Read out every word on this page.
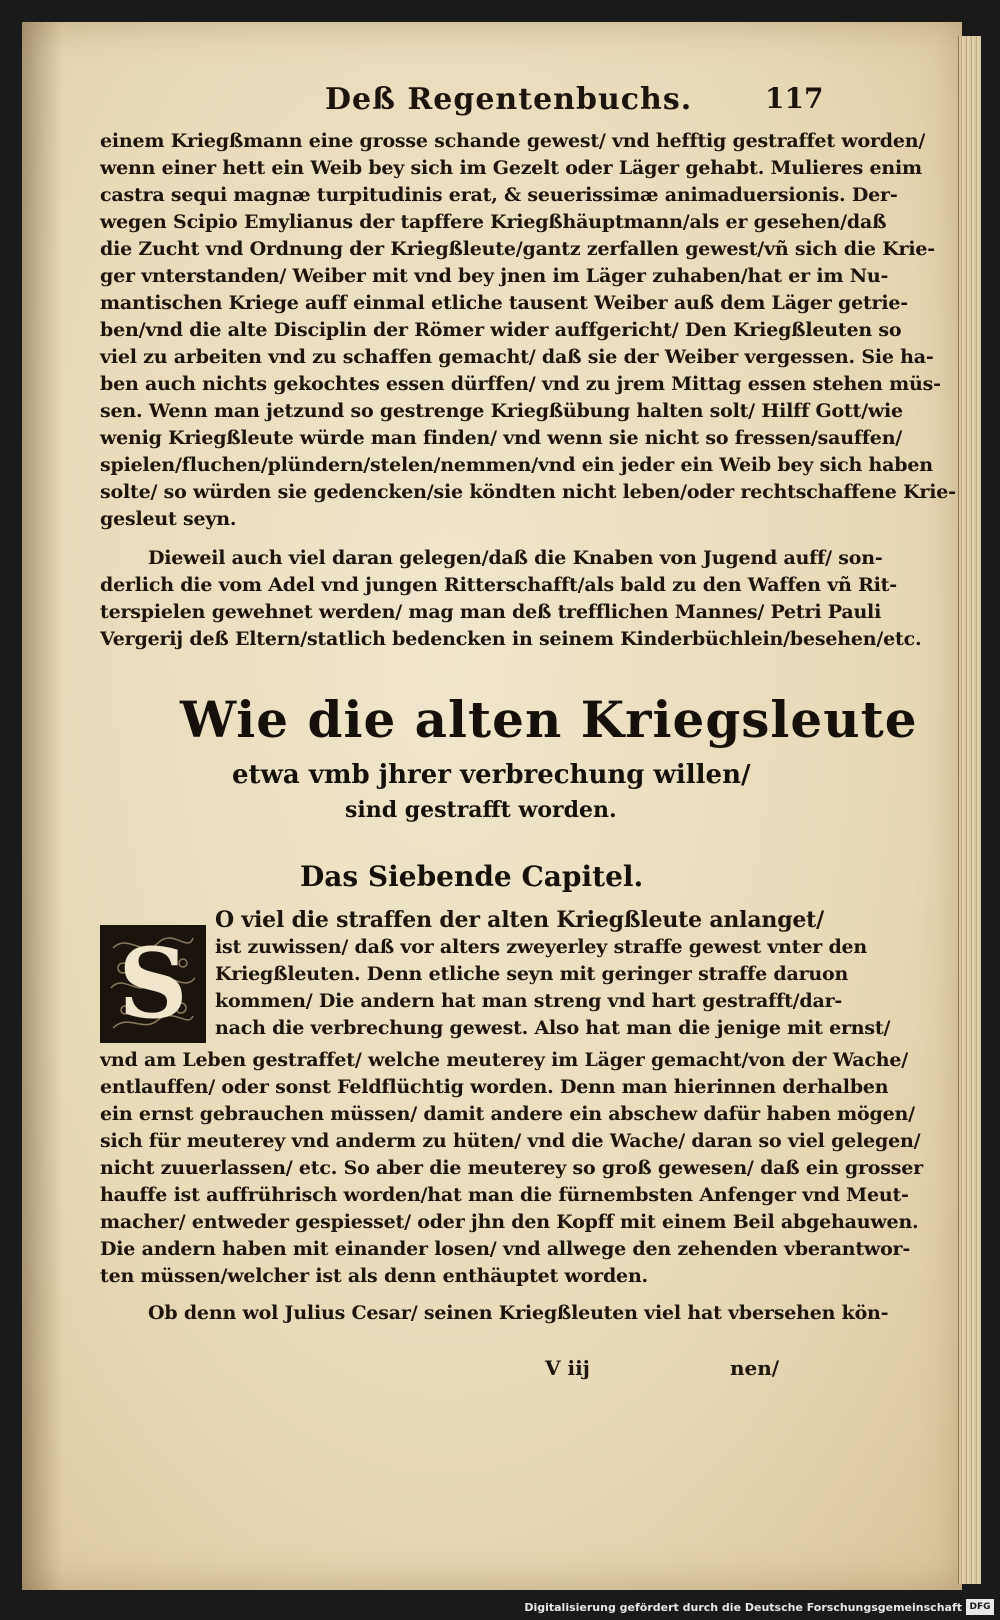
Deß Regentenbuchs.	117
einem Kriegßmann eine grosse schande gewest/ vnd hefftig gestraffet worden/
wenn einer hett ein Weib bey sich im Gezelt oder Läger gehabt. Mulieres enim
castra sequi magnæ turpitudinis erat, & seuerissimæ animaduersionis. Der-
wegen Scipio Emylianus der tapffere Kriegßhäuptmann/als er gesehen/daß
die Zucht vnd Ordnung der Kriegßleute/gantz zerfallen gewest/vñ sich die Krie-
ger vnterstanden/ Weiber mit vnd bey jnen im Läger zuhaben/hat er im Nu-
mantischen Kriege auff einmal etliche tausent Weiber auß dem Läger getrie-
ben/vnd die alte Disciplin der Römer wider auffgericht/ Den Kriegßleuten so
viel zu arbeiten vnd zu schaffen gemacht/ daß sie der Weiber vergessen. Sie ha-
ben auch nichts gekochtes essen dürffen/ vnd zu jrem Mittag essen stehen müs-
sen. Wenn man jetzund so gestrenge Kriegßübung halten solt/ Hilff Gott/wie
wenig Kriegßleute würde man finden/ vnd wenn sie nicht so fressen/sauffen/
spielen/fluchen/plündern/stelen/nemmen/vnd ein jeder ein Weib bey sich haben
solte/ so würden sie gedencken/sie köndten nicht leben/oder rechtschaffene Krie-
gesleut seyn.
Dieweil auch viel daran gelegen/daß die Knaben von Jugend auff/ son-
derlich die vom Adel vnd jungen Ritterschafft/als bald zu den Waffen vñ Rit-
terspielen gewehnet werden/ mag man deß trefflichen Mannes/ Petri Pauli
Vergerij deß Eltern/statlich bedencken in seinem Kinderbüchlein/besehen/etc.
Wie die alten Kriegsleute
etwa vmb jhrer verbrechung willen/
sind gestrafft worden.
Das Siebende Capitel.
S
O viel die straffen der alten Kriegßleute anlanget/
ist zuwissen/ daß vor alters zweyerley straffe gewest vnter den
Kriegßleuten. Denn etliche seyn mit geringer straffe daruon
kommen/ Die andern hat man streng vnd hart gestrafft/dar-
nach die verbrechung gewest. Also hat man die jenige mit ernst/
vnd am Leben gestraffet/ welche meuterey im Läger gemacht/von der Wache/
entlauffen/ oder sonst Feldflüchtig worden. Denn man hierinnen derhalben
ein ernst gebrauchen müssen/ damit andere ein abschew dafür haben mögen/
sich für meuterey vnd anderm zu hüten/ vnd die Wache/ daran so viel gelegen/
nicht zuuerlassen/ etc. So aber die meuterey so groß gewesen/ daß ein grosser
hauffe ist auffrührisch worden/hat man die fürnembsten Anfenger vnd Meut-
macher/ entweder gespiesset/ oder jhn den Kopff mit einem Beil abgehauwen.
Die andern haben mit einander losen/ vnd allwege den zehenden vberantwor-
ten müssen/welcher ist als denn enthäuptet worden.
Ob denn wol Julius Cesar/ seinen Kriegßleuten viel hat vbersehen kön-
V iij	nen/
Digitalisierung gefördert durch die Deutsche Forschungsgemeinschaft DFG
